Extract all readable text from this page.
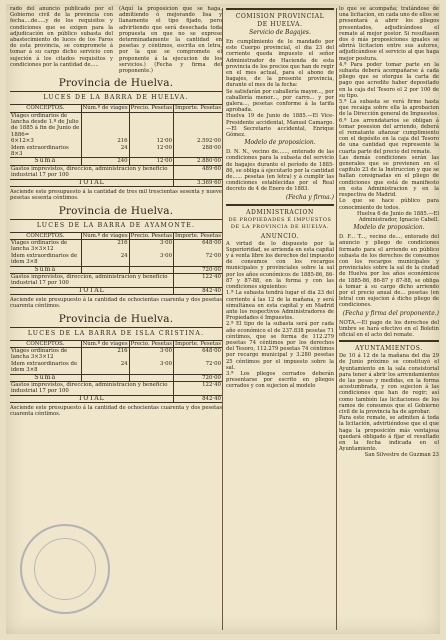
rado del anuncio publicado por el Gobierno civil de la provincia con fecha....de.....y de los requisitos y condiciones que se exigen para la adjudicación en público subasta del abastecimiento de luces de los Faros de esta provincia, se compromete á tomar á su cargo dicho servicio con sujeción á los citados requisitos y condiciones por la cantidad de.....

(Aquí la proposicion que se haga, admitiendo ó mejorando lisa y llanamente el tipo fijado, pero advirtiendo que será desechada toda propuesta en que no se exprese determinadamente la cantidad en pesetas y céntimos, escrita en letra, por la que se compromete el proponente á la ejecucion de los servicios.) (Fecha y firma del proponente.)

Provincia de Huelva.
LUCES DE LA BARRA DE HUELVA.
CONCEPTOS.	Núm.º de viages	Precio. Pesetas	Importe. Pesetas
Viages ordinarios de lancha desde 1.º de Julio de 1885 á fin de Junio de 1886=			
6×12×3	216	12·00	2.592·00
Idem extraordinarios 8×3	24	12·00	288·00
Suma	240	12·00	2.880·00
Gastos imprevistos, direccion, administracion y beneficio industrial 17 por 100			489·60
TOTAL			3.369·60

Asciende este presupuesto á la cantidad de tres mil trescientas sesenta y nueve pesetas sesenta céntimos.

Provincia de Huelva.
LUCES DE LA BARRA DE AYAMONTE.
CONCEPTOS.	Núm.º de viages	Precio. Pesetas	Importe. Pesetas
Viages ordinarios de lancha 3×3×12	216	3·00	648·00
Idem extraordinarios de idem 3×8	24	3·00	72·00
Suma			720·00
Gastos imprevistos, direccion, administracion y beneficio industrial 17 por 100			122·40
TOTAL			842·40

Asciende este presupuesto á la cantidad de ochocientas cuarenta y dos pesetas cuarenta céntimos.

Provincia de Huelva.
LUCES DE LA BARRA DE ISLA CRISTINA.
CONCEPTOS.	Núm.º de viages	Precio. Pesetas	Importe. Pesetas
Viages ordinarios de lancha 3×3×12	216	3·00	648·00
Idem extraordinarios de idem 3×8	24	3·00	72·00
Suma			720·00
Gastos imprevistos, direccion, administracion y beneficio industrial 17 por 100			122·40
TOTAL			842·40

Asciende este presupuesto á la cantidad de ochocientas cuarenta y dos pesetas cuarenta céntimos.

COMISION PROVINCIAL
DE HUELVA.
Servicio de Bagajes.

En cumplimiento de lo mandado por este Cuerpo provincial, el dia 23 del corriente queda impuesto el señor Administrador de Hacienda de esta provincia de los precios que han de regir en el mes actual, para el abono de bagajes, de la presente provincia, durante el mes de la fecha:

Se satisfarán por caballería mayor..., por caballería menor..., por carro... y por galera..., pesetas conforme á la tarifa aprobada.

Huelva 19 de Junio de 1885.—El Vice-Presidente accidental, Manuel Camargo.—El Secretario accidental, Enrique Gómez.

Modelo de proposicion.

D. N. N., vecino de......, enterado de las condiciones para la subasta del servicio de bagajes durante el período de 1885-86, se obliga á ejecutarlo por la cantidad de...... pesetas (en letra) y á cumplir las condiciones establecidas por el Real decreto de 4 de Enero de 1883.

(Fecha y firma.)
ADMINISTRACION
DE PROPIEDADES É IMPUESTOS
DE LA PROVINCIA DE HUELVA.
ANUNCIO.

A virtud de lo dispuesto por la Superioridad, se arrienda en esta capital y á venta libre los derechos del impuesto de consumos con los recargos municipales y provinciales sobre la sal por los años económicos de 1885-86, 86-87 y 87-88, en la forma y con las condiciones siguientes:

1.ª La subasta tendrá lugar el dia 23 del corriente á las 12 de la mañana, y será simultánea en esta capital y en Madrid ante los respectivos Administradores de Propiedades é Impuestos.

2.ª El tipo de la subasta será por cada año económico el de 237.838 pesetas 71 céntimos, que se forma de 112.279 pesetas 74 céntimos por los derechos del Tesoro, 112.279 pesetas 74 céntimos por recargo municipal y 3.280 pesetas 25 céntimos por el impuesto sobre la sal.

3.ª Los pliegos cerrados deberán presentarse por escrito en pliegos cerrados y con sujecion al modelo

lo que se acompaña; tratándose de una licitacion, en cada uno de ellos se presentará á abrir los pliegos presentados, adjudicándose el remate al mejor postor. Si resultasen dos ó más proposiciones iguales se abrirá licitacion entre sus autores, adjudicándose el servicio al que haga mejor postura.

4.ª Para poder tomar parte en la subasta deberá acompañarse á cada pliego que se otorgue la carta de pago que acredite haber depositado en la caja del Tesoro el 2 por 100 de su tipo.

5.ª La subasta se verá firme hasta que recaiga sobre ella la aprobacion de la Dirección general de Impuestos.

6.ª Los arrendatarios se obligan á tomar posesion del arriendo, deberá el rematante afianzar cumplimiento con el depósito en la caja del Tesoro de una cantidad que represente la cuarta parte del precio del remate.

Las demás condiciones serán las generales que se previenen en el capitulo 23 de la Instruccion y que se hallan consignadas en el pliego de condiciones que está de manifiesto en esta Administracion y en la respectiva de Madrid.

Lo que se hace público para conocimiento de todos.

Huelva 6 de Junio de 1885.—El Administrador, Ignacio Cabell.

Modelo de proposicion.

D. F... T..., vecino de..., enterado del anuncio y pliego de condiciones formado para el arriendo en público subasta de los derechos de consumos con los recargos municipales y provinciales sobre la sal de la ciudad de Huelva por los años económicos de 1885-86, 86-87 y 87-88, se obliga á tomar á su cargo dicho arriendo por el precio anual de... pesetas (en letra) con sujecion á dicho pliego de condiciones.

(Fecha y firma del proponente.)

NOTA.—El pago de los derechos del timbre se hará efectivo en el Boletin oficial en el acto del remate.

AYUNTAMIENTOS.

De 10 á 12 de la mañana del dia 29 de Junio próximo se constituyó el Ayuntamiento en la sala consistorial para tener á abrir los arrendamientos de las pesas y medidas, en la forma acostumbrada, y con sujecion á las condiciones que han de regir; así como también las licitaciones de los ramos de consumos que el Gobierno civil de la provincia ha de aprobar.

Para este remate, se admiten á toda la licitación, advirtiéndose que el que haga la proposición más ventajosa quedará obligado á fijar el resultado en la fecha indicada en el Ayuntamiento.

San Silvestre de Guzman 23
